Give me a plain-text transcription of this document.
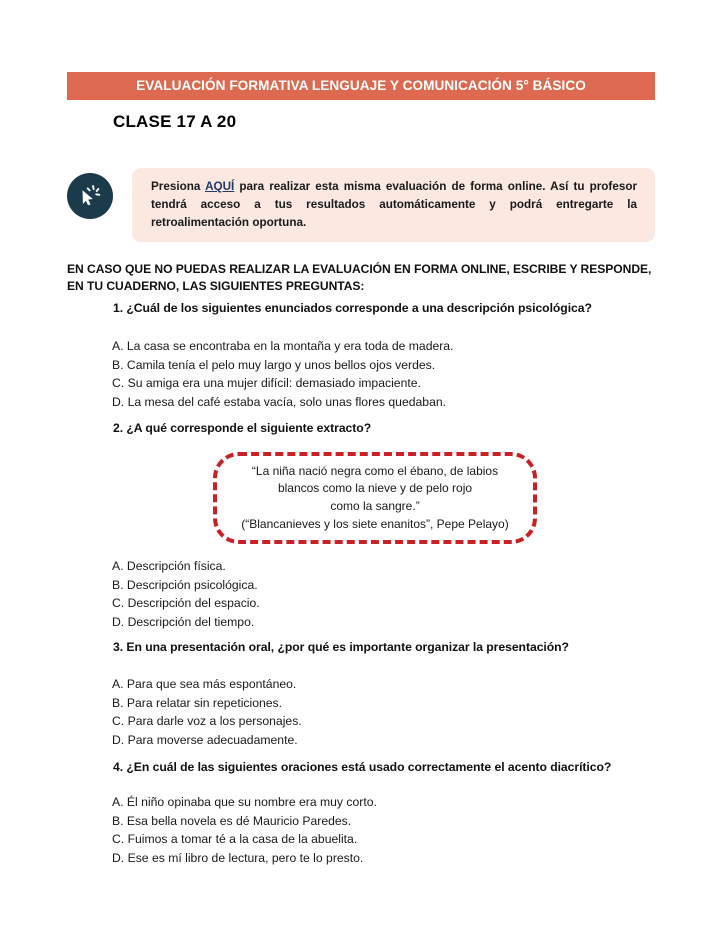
EVALUACIÓN FORMATIVA LENGUAJE Y COMUNICACIÓN 5° BÁSICO
CLASE 17 A 20

Presiona AQUÍ para realizar esta misma evaluación de forma online. Así tu profesor tendrá acceso a tus resultados automáticamente y podrá entregarte la retroalimentación oportuna.

EN CASO QUE NO PUEDAS REALIZAR LA EVALUACIÓN EN FORMA ONLINE, ESCRIBE Y RESPONDE, EN TU CUADERNO, LAS SIGUIENTES PREGUNTAS:

1. ¿Cuál de los siguientes enunciados corresponde a una descripción psicológica?

A. La casa se encontraba en la montaña y era toda de madera.
B. Camila tenía el pelo muy largo y unos bellos ojos verdes.
C. Su amiga era una mujer difícil: demasiado impaciente.
D. La mesa del café estaba vacía, solo unas flores quedaban.

2. ¿A qué corresponde el siguiente extracto?

“La niña nació negra como el ébano, de labios
blancos como la nieve y de pelo rojo
como la sangre.”
(“Blancanieves y los siete enanitos”, Pepe Pelayo)
A. Descripción física.
B. Descripción psicológica.
C. Descripción del espacio.
D. Descripción del tiempo.

3. En una presentación oral, ¿por qué es importante organizar la presentación?

A. Para que sea más espontáneo.
B. Para relatar sin repeticiones.
C. Para darle voz a los personajes.
D. Para moverse adecuadamente.

4. ¿En cuál de las siguientes oraciones está usado correctamente el acento diacrítico?

A. Él niño opinaba que su nombre era muy corto.
B. Esa bella novela es dé Mauricio Paredes.
C. Fuimos a tomar té a la casa de la abuelita.
D. Ese es mí libro de lectura, pero te lo presto.
